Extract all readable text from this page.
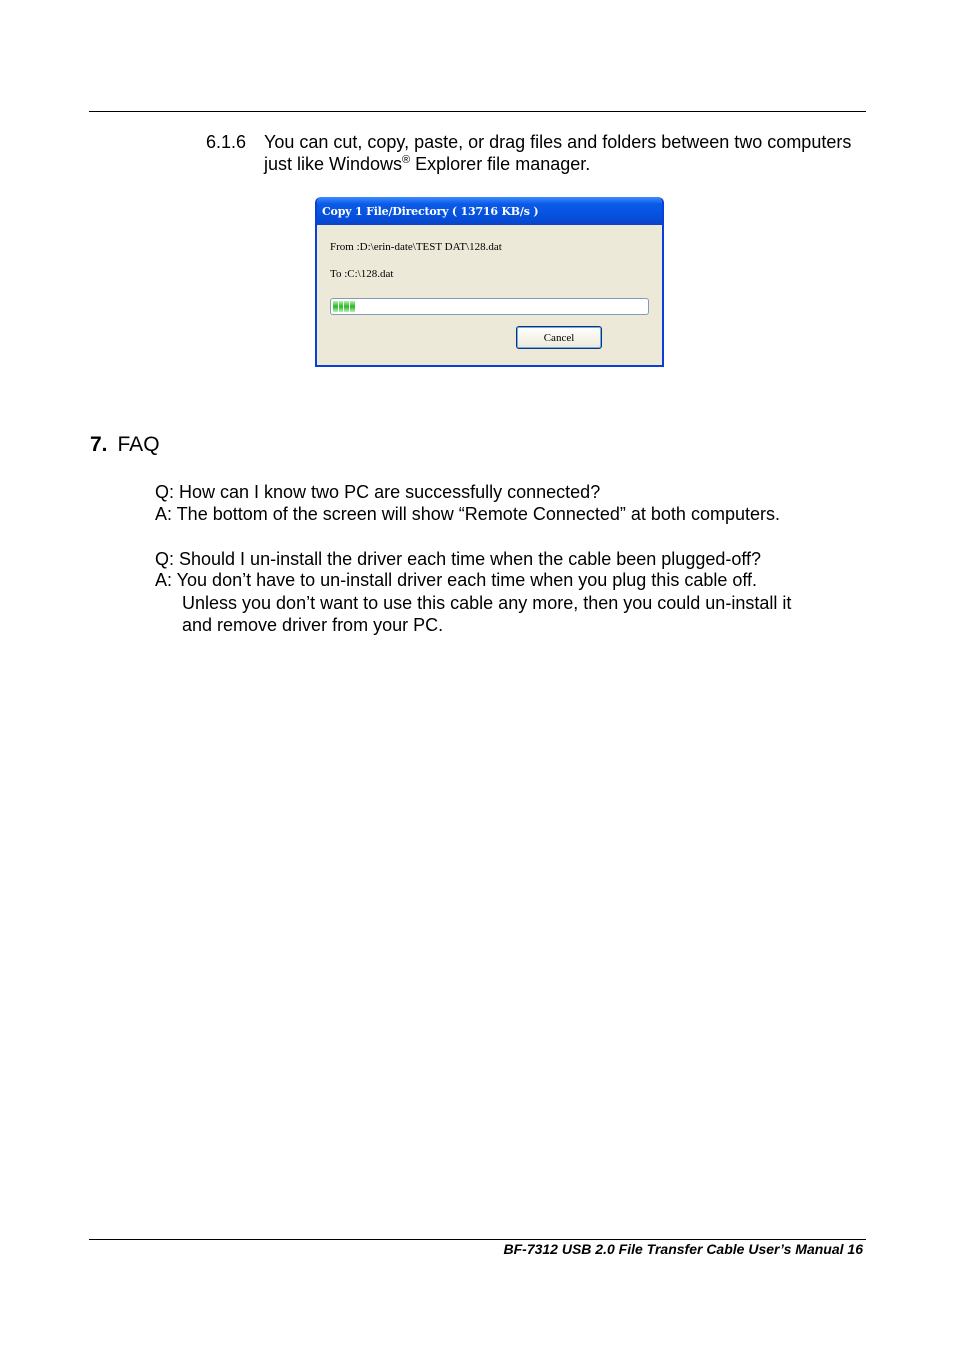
6.1.6 You can cut, copy, paste, or drag files and folders between two computers just like Windows® Explorer file manager.
Copy 1 File/Directory ( 13716 KB/s )
From :D:\erin-date\TEST DAT\128.dat
To :C:\128.dat
Cancel
7. FAQ
Q: How can I know two PC are successfully connected?
A: The bottom of the screen will show “Remote Connected” at both computers.
Q: Should I un-install the driver each time when the cable been plugged-off?
A: You don’t have to un-install driver each time when you plug this cable off.
Unless you don’t want to use this cable any more, then you could un-install it
and remove driver from your PC.
BF-7312 USB 2.0 File Transfer Cable User’s Manual 16
